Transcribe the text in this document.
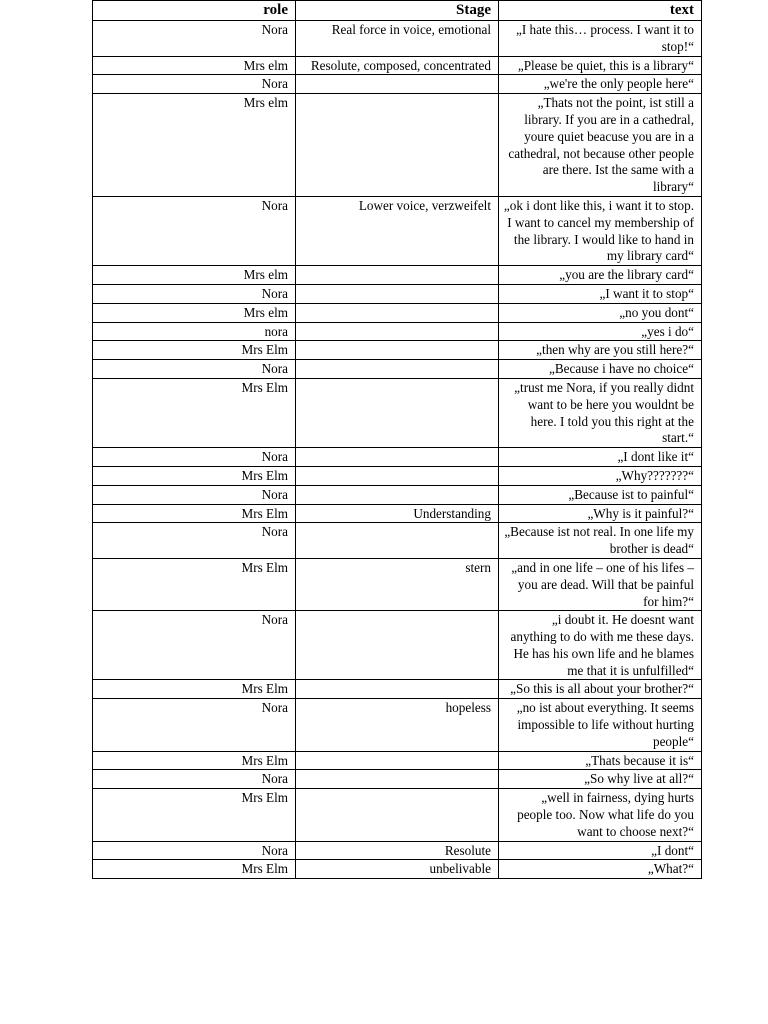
role	Stage	text
Nora	Real force in voice, emotional	„I hate this… process. I want it to stop!“
Mrs elm	Resolute, composed, concentrated	„Please be quiet, this is a library“
Nora		„we're the only people here“
Mrs elm		„Thats not the point, ist still a library. If you are in a cathedral, youre quiet beacuse you are in a cathedral, not because other people are there. Ist the same with a library“
Nora	Lower voice, verzweifelt	„ok i dont like this, i want it to stop. I want to cancel my membership of the library. I would like to hand in my library card“
Mrs elm		„you are the library card“
Nora		„I want it to stop“
Mrs elm		„no you dont“
nora		„yes i do“
Mrs Elm		„then why are you still here?“
Nora		„Because i have no choice“
Mrs Elm		„trust me Nora, if you really didnt want to be here you wouldnt be here. I told you this right at the start.“
Nora		„I dont like it“
Mrs Elm		„Why???????“
Nora		„Because ist to painful“
Mrs Elm	Understanding	„Why is it painful?“
Nora		„Because ist not real. In one life my brother is dead“
Mrs Elm	stern	„and in one life – one of his lifes – you are dead. Will that be painful for him?“
Nora		„i doubt it. He doesnt want anything to do with me these days. He has his own life and he blames me that it is unfulfilled“
Mrs Elm		„So this is all about your brother?“
Nora	hopeless	„no ist about everything. It seems impossible to life without hurting people“
Mrs Elm		„Thats because it is“
Nora		„So why live at all?“
Mrs Elm		„well in fairness, dying hurts people too. Now what life do you want to choose next?“
Nora	Resolute	„I dont“
Mrs Elm	unbelivable	„What?“
